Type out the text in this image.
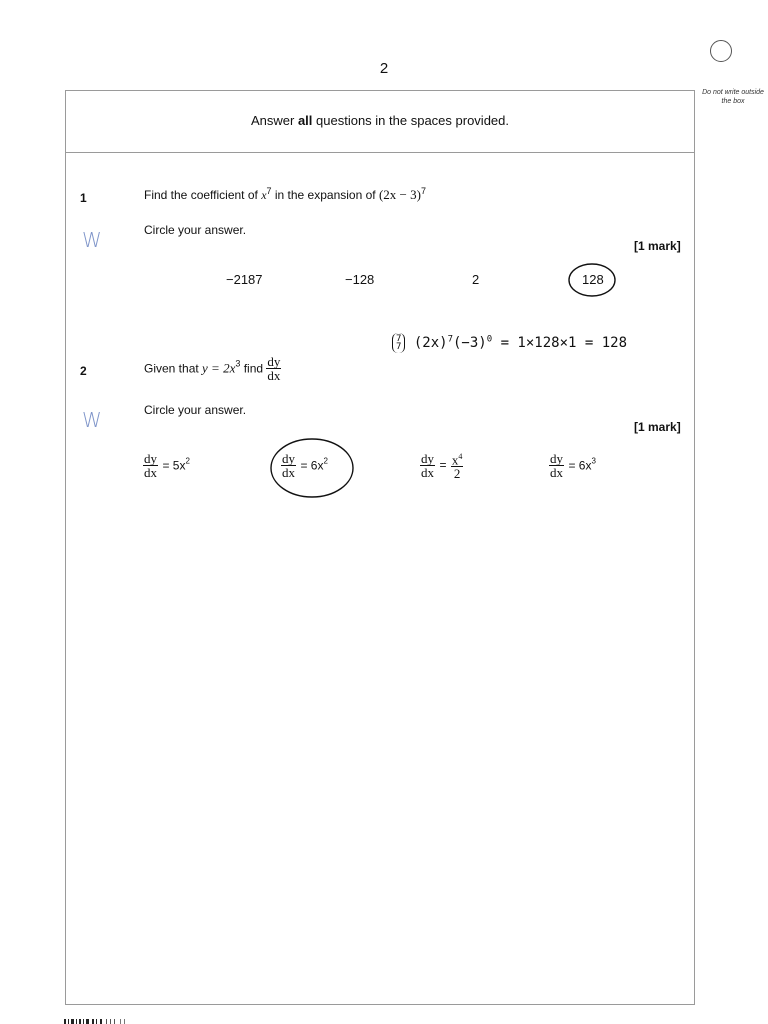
2
Do not write outside the box
Answer all questions in the spaces provided.
1	Find the coefficient of $x^7$ in the expansion of $(2x - 3)^7$
W	Circle your answer.
[1 mark]
−2187	−128	2	128
7
7 $(2x)^7(-3)^0 = 1\times 128\times 1 = 128$
2	Given that $y = 2x^3$ find $\frac{dy}{dx}$
W	Circle your answer.
[1 mark]
$\frac{dy}{dx} = 5x^2$	$\frac{dy}{dx} = 6x^2$	$\frac{dy}{dx} = \frac{x^4}{2}$	$\frac{dy}{dx} = 6x^3$
